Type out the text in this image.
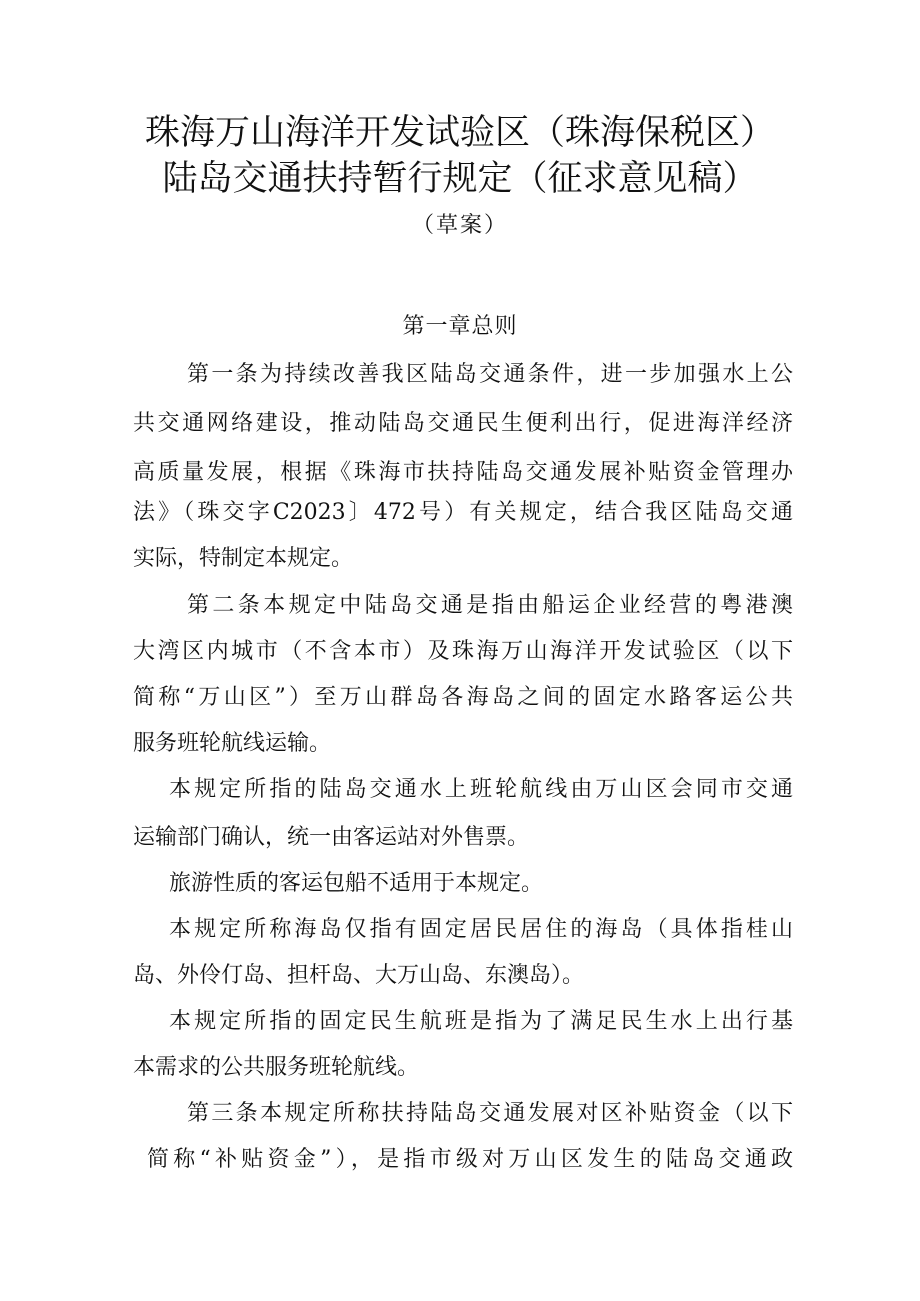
珠海万山海洋开发试验区（珠海保税区）
陆岛交通扶持暂行规定（征求意见稿）
（草案）
第一章总则
第一条为持续改善我区陆岛交通条件，进一步加强水上公
共交通网络建设，推动陆岛交通民生便利出行，促进海洋经济
高质量发展，根据《珠海市扶持陆岛交通发展补贴资金管理办
法》（珠交字C2023〕472号）有关规定，结合我区陆岛交通
实际，特制定本规定。
第二条本规定中陆岛交通是指由船运企业经营的粤港澳
大湾区内城市（不含本市）及珠海万山海洋开发试验区（以下
简称“万山区”）至万山群岛各海岛之间的固定水路客运公共
服务班轮航线运输。
本规定所指的陆岛交通水上班轮航线由万山区会同市交通
运输部门确认，统一由客运站对外售票。
旅游性质的客运包船不适用于本规定。
本规定所称海岛仅指有固定居民居住的海岛（具体指桂山
岛、外伶仃岛、担杆岛、大万山岛、东澳岛）。
本规定所指的固定民生航班是指为了满足民生水上出行基
本需求的公共服务班轮航线。
第三条本规定所称扶持陆岛交通发展对区补贴资金（以下
简称“补贴资金”），是指市级对万山区发生的陆岛交通政
